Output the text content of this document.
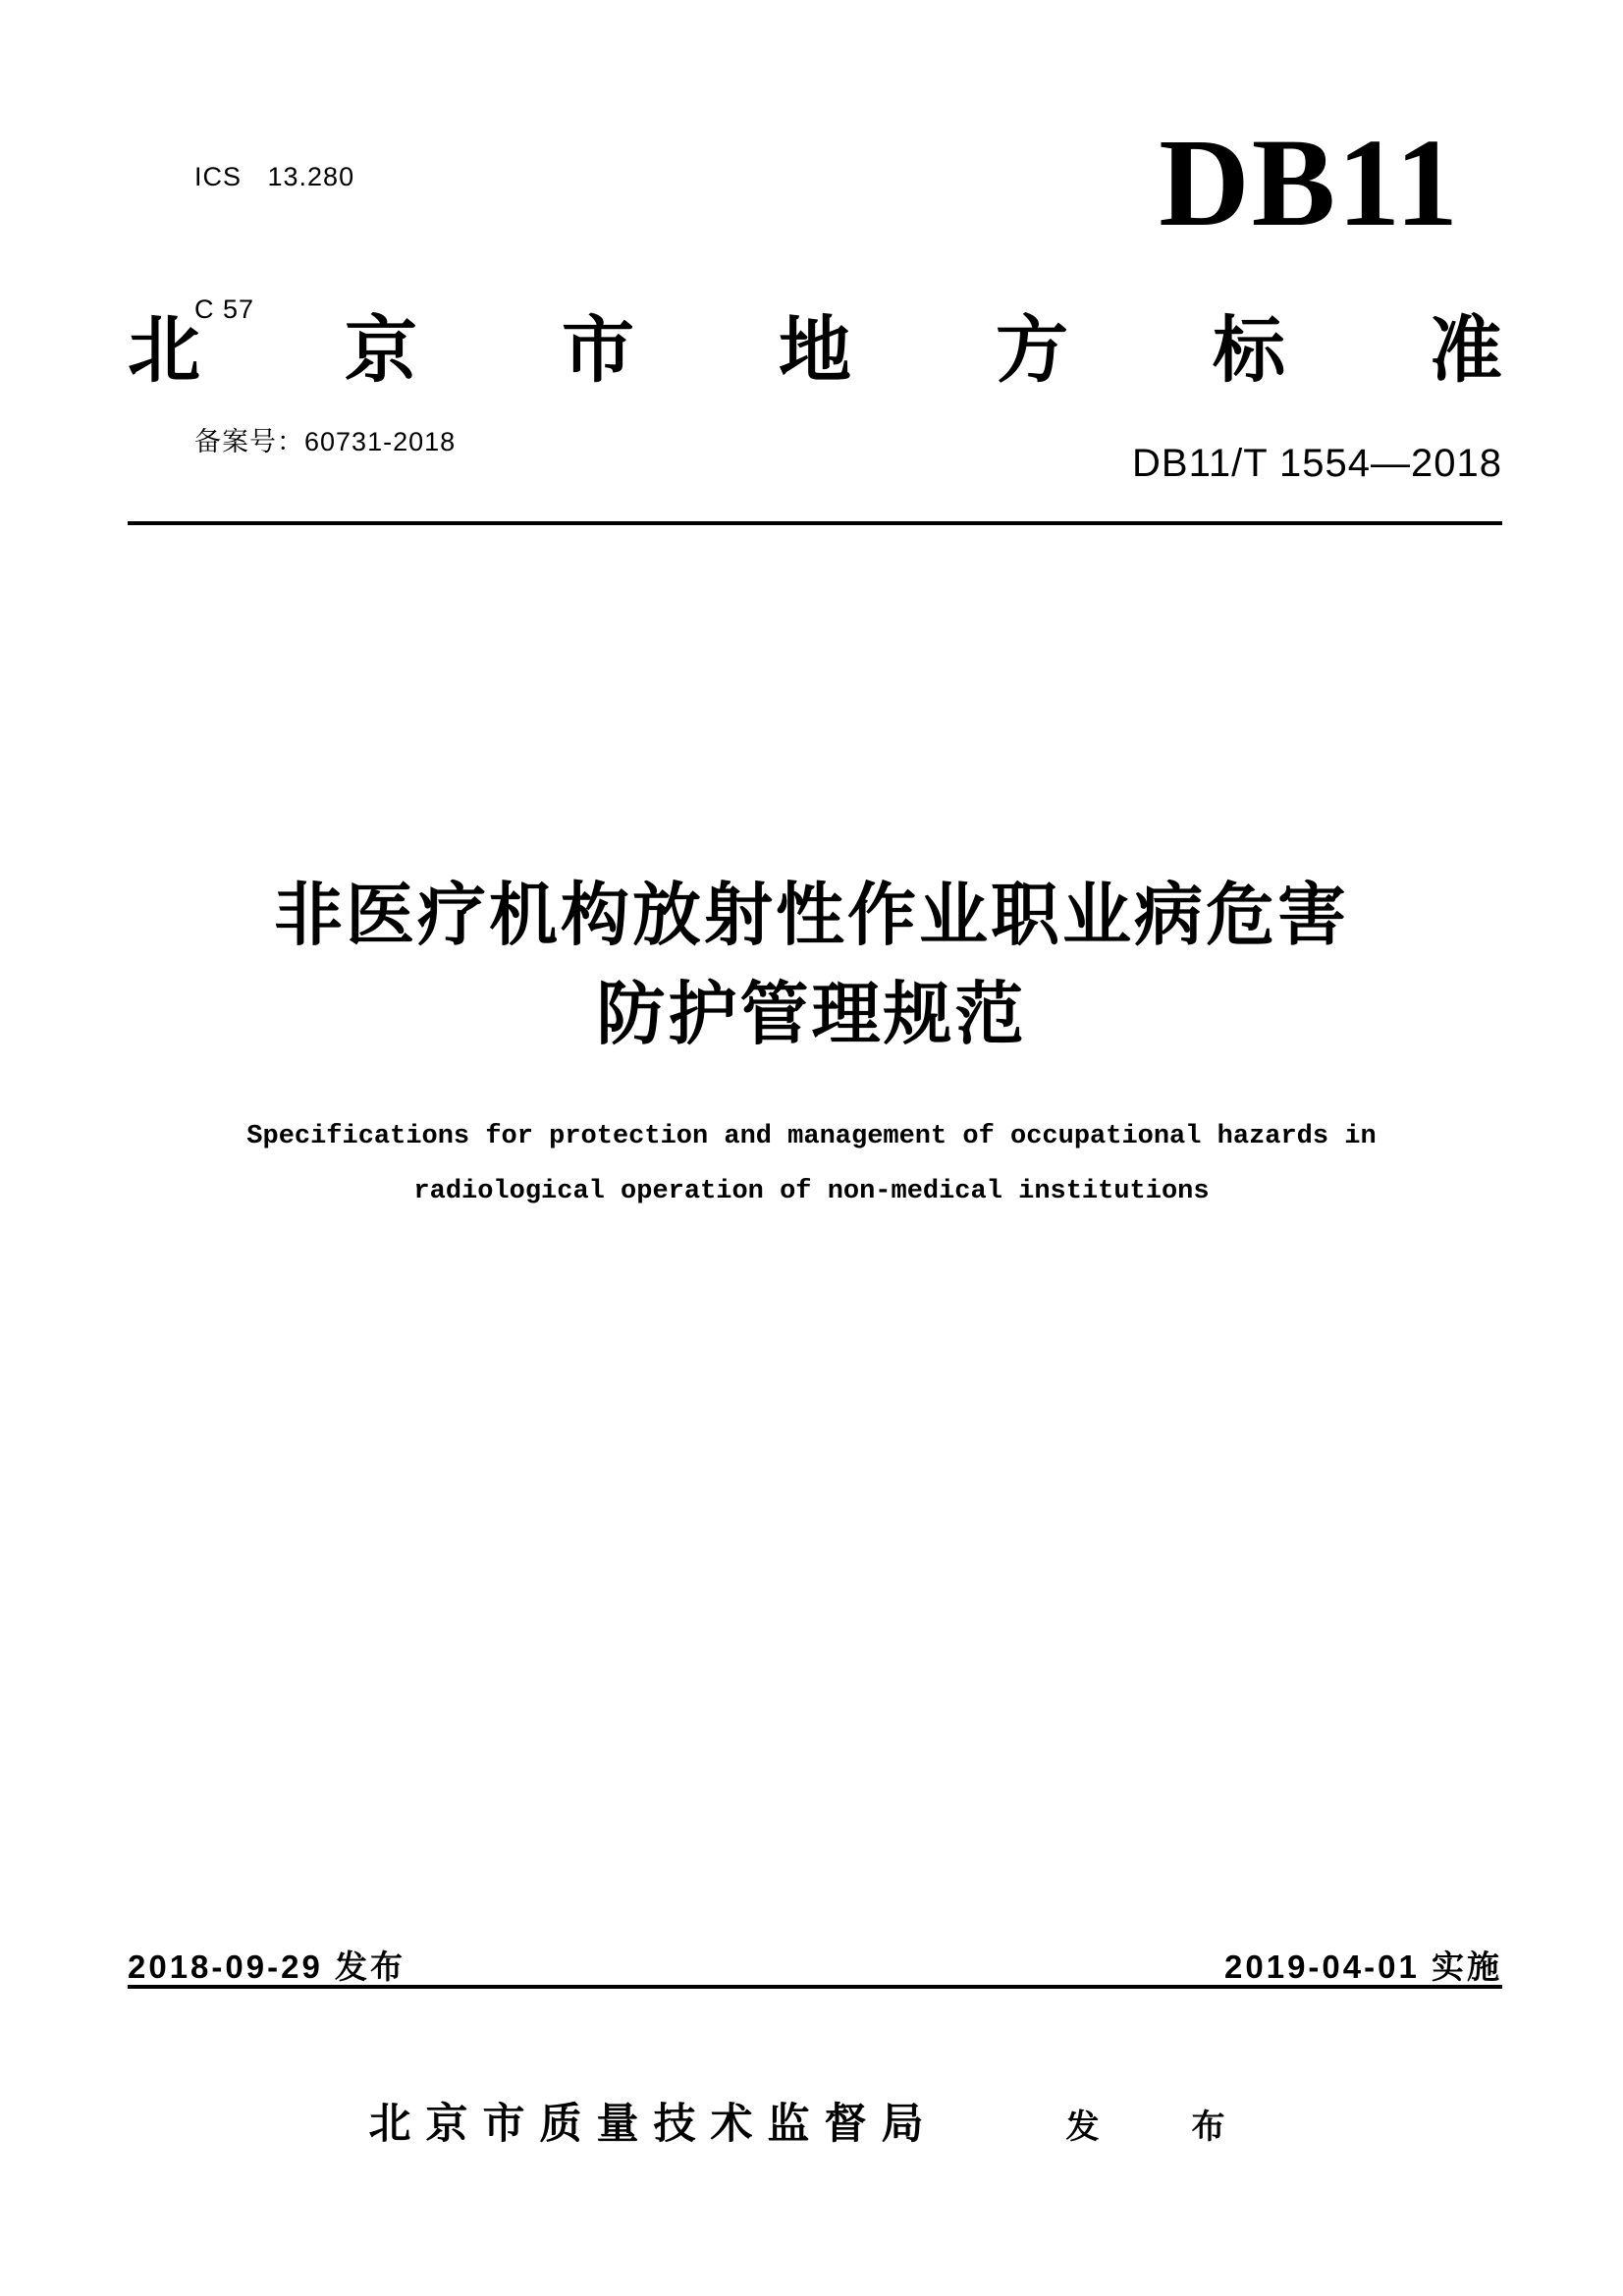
ICS 13.280

C 57

备案号：60731-2018

DB11
北 京 市 地 方 标 准
DB11/T 1554—2018
非医疗机构放射性作业职业病危害
防护管理规范
Specifications for protection and management of occupational hazards in
radiological operation of non-medical institutions
2018-09-29 发布	2019-04-01 实施
北京市质量技术监督局	发　布
